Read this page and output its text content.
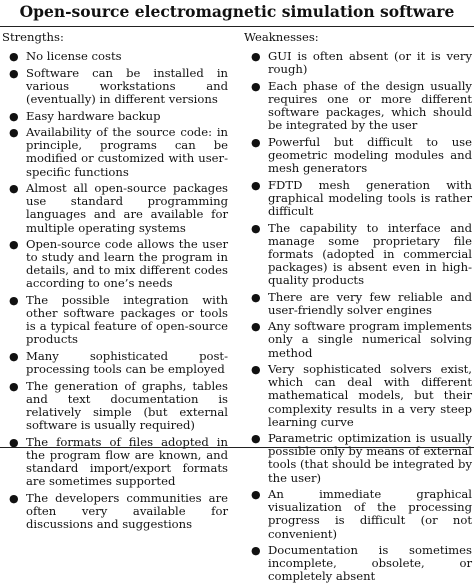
Open-source electromagnetic simulation software
Strengths:
● No license costs
● Software can be installed in various workstations and (eventually) in different versions
● Easy hardware backup
● Availability of the source code: in principle, programs can be modified or customized with user-specific functions
● Almost all open-source packages use standard programming languages and are available for multiple operating systems
● Open-source code allows the user to study and learn the program in details, and to mix different codes according to one’s needs
● The possible integration with other software packages or tools is a typical feature of open-source products
● Many sophisticated post-processing tools can be employed
● The generation of graphs, tables and text documentation is relatively simple (but external software is usually required)
● The formats of files adopted in the program flow are known, and standard import/export formats are sometimes supported
● The developers communities are often very available for discussions and suggestions
Weaknesses:
● GUI is often absent (or it is very rough)
● Each phase of the design usually requires one or more different software packages, which should be integrated by the user
● Powerful but difficult to use geometric modeling modules and mesh generators
● FDTD mesh generation with graphical modeling tools is rather difficult
● The capability to interface and manage some proprietary file formats (adopted in commercial packages) is absent even in high-quality products
● There are very few reliable and user-friendly solver engines
● Any software program implements only a single numerical solving method
● Very sophisticated solvers exist, which can deal with different mathematical models, but their complexity results in a very steep learning curve
● Parametric optimization is usually possible only by means of external tools (that should be integrated by the user)
● An immediate graphical visualization of the processing progress is difficult (or not convenient)
● Documentation is sometimes incomplete, obsolete, or completely absent
